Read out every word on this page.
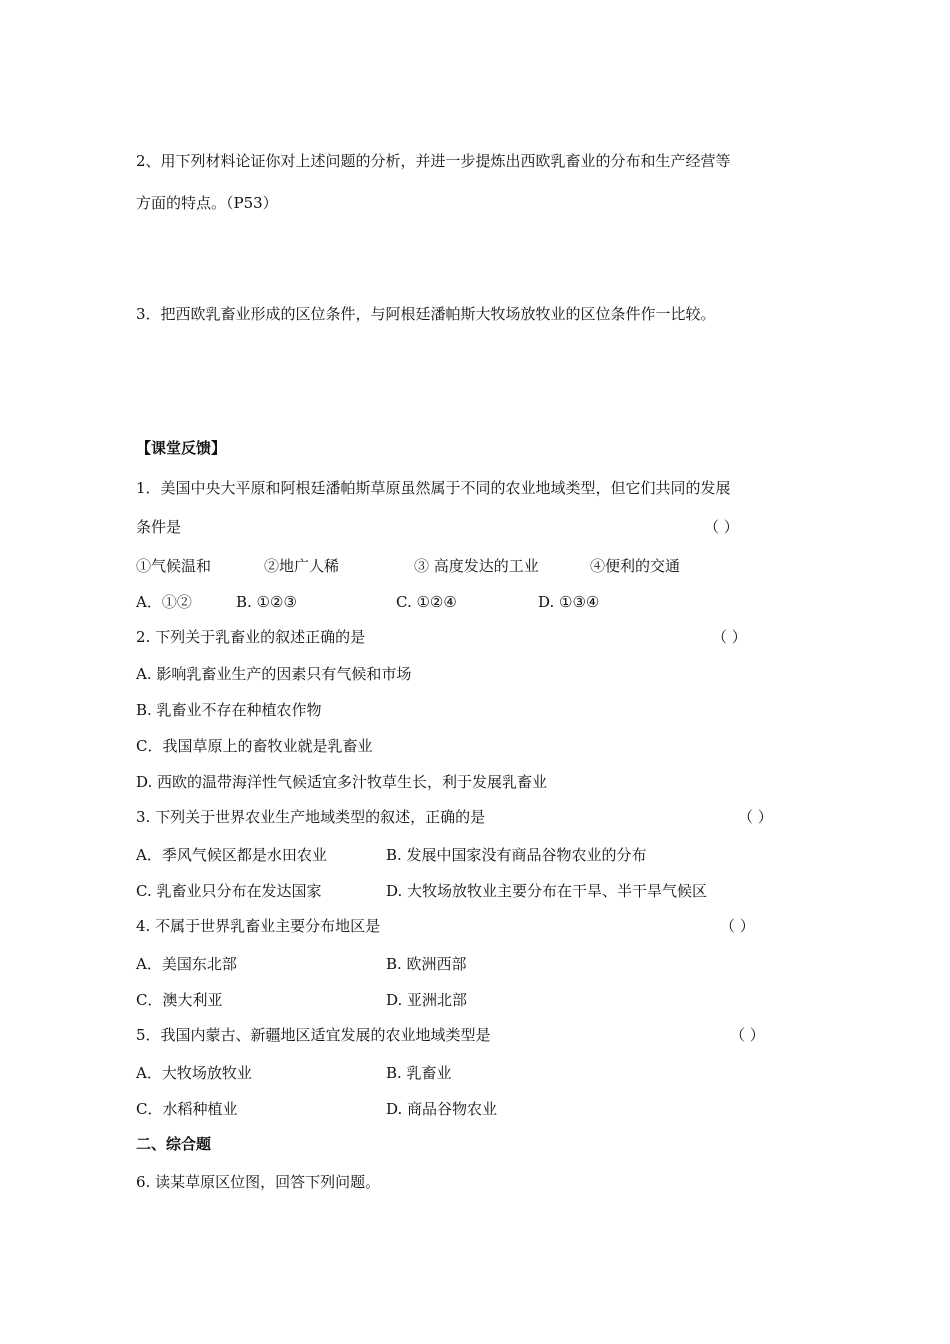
2、用下列材料论证你对上述问题的分析，并进一步提炼出西欧乳畜业的分布和生产经营等
方面的特点。（P53）
3．把西欧乳畜业形成的区位条件，与阿根廷潘帕斯大牧场放牧业的区位条件作一比较。
【课堂反馈】
1．美国中央大平原和阿根廷潘帕斯草原虽然属于不同的农业地域类型，但它们共同的发展
条件是	（ ）
①气候温和	②地广人稀	③ 高度发达的工业	④便利的交通
A．①②	B. ①②③	C. ①②④	D. ①③④
2. 下列关于乳畜业的叙述正确的是	（ ）
A. 影响乳畜业生产的因素只有气候和市场
B. 乳畜业不存在种植农作物
C．我国草原上的畜牧业就是乳畜业
D. 西欧的温带海洋性气候适宜多汁牧草生长，利于发展乳畜业
3. 下列关于世界农业生产地域类型的叙述，正确的是	（ ）
A．季风气候区都是水田农业	B. 发展中国家没有商品谷物农业的分布
C. 乳畜业只分布在发达国家	D. 大牧场放牧业主要分布在干旱、半干旱气候区
4. 不属于世界乳畜业主要分布地区是	（ ）
A．美国东北部	B. 欧洲西部
C．澳大利亚	D. 亚洲北部
5．我国内蒙古、新疆地区适宜发展的农业地域类型是	（ ）
A．大牧场放牧业	B. 乳畜业
C．水稻种植业	D. 商品谷物农业
二、综合题
6. 读某草原区位图，回答下列问题。
